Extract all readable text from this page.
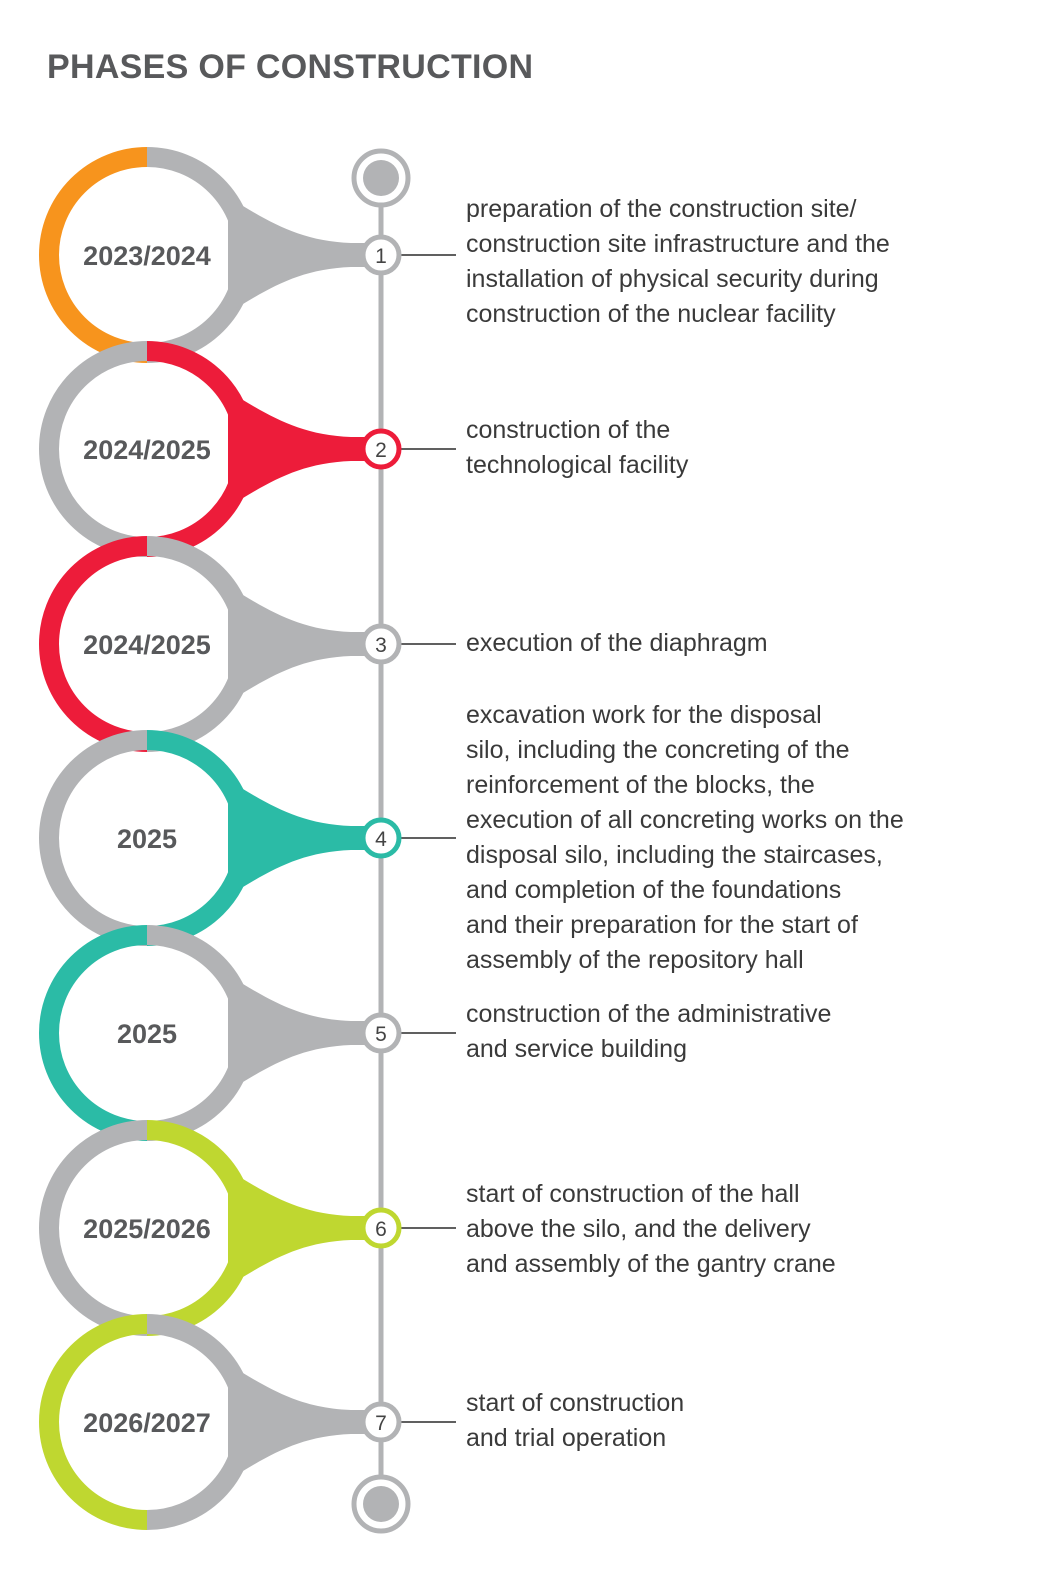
PHASES OF CONSTRUCTION
1
2
3
4
5
6
7
2023/2024
2024/2025
2024/2025
2025
2025
2025/2026
2026/2027

preparation of the construction site/
construction site infrastructure and the
installation of physical security during
construction of the nuclear facility

construction of the
technological facility

execution of the diaphragm

excavation work for the disposal
silo, including the concreting of the
reinforcement of the blocks, the
execution of all concreting works on the
disposal silo, including the staircases,
and completion of the foundations
and their preparation for the start of
assembly of the repository hall

construction of the administrative
and service building

start of construction of the hall
above the silo, and the delivery
and assembly of the gantry crane

start of construction
and trial operation
